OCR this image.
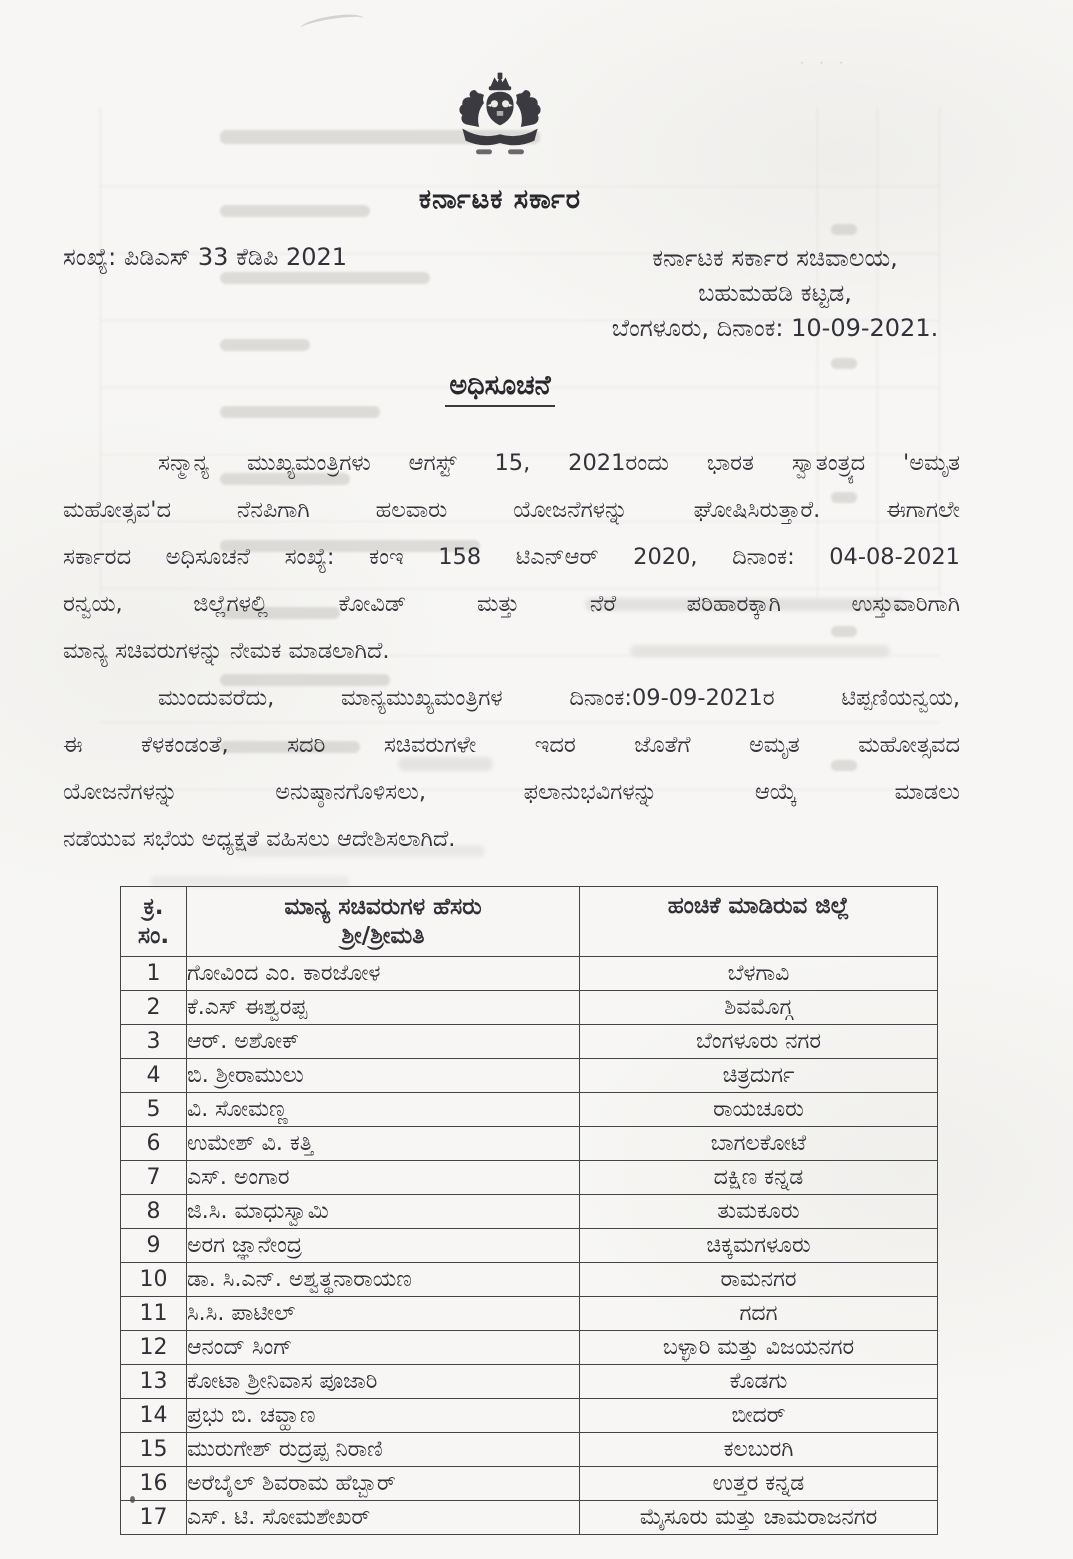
· · ·
ಕರ್ನಾಟಕ ಸರ್ಕಾರ
ಸಂಖ್ಯೆ: ಪಿಡಿಎಸ್ 33 ಕೆಡಿಪಿ 2021	ಕರ್ನಾಟಕ ಸರ್ಕಾರ ಸಚಿವಾಲಯ,
ಬಹುಮಹಡಿ ಕಟ್ಟಡ,
ಬೆಂಗಳೂರು, ದಿನಾಂಕ: 10-09-2021.
ಅಧಿಸೂಚನೆ
ಸನ್ಮಾನ್ಯ ಮುಖ್ಯಮಂತ್ರಿಗಳು ಆಗಸ್ಟ್ 15, 2021ರಂದು ಭಾರತ ಸ್ವಾತಂತ್ರ್ಯದ 'ಅಮೃತ
ಮಹೋತ್ಸವ'ದ ನೆನಪಿಗಾಗಿ ಹಲವಾರು ಯೋಜನೆಗಳನ್ನು ಘೋಷಿಸಿರುತ್ತಾರೆ. ಈಗಾಗಲೇ
ಸರ್ಕಾರದ ಅಧಿಸೂಚನೆ ಸಂಖ್ಯೆ: ಕಂಇ 158 ಟಿಎನ್ಆರ್ 2020, ದಿನಾಂಕ: 04-08-2021
ರನ್ವಯ, ಜಿಲ್ಲೆಗಳಲ್ಲಿ ಕೋವಿಡ್ ಮತ್ತು ನೆರೆ ಪರಿಹಾರಕ್ಕಾಗಿ ಉಸ್ತುವಾರಿಗಾಗಿ
ಮಾನ್ಯ ಸಚಿವರುಗಳನ್ನು ನೇಮಕ ಮಾಡಲಾಗಿದೆ.
ಮುಂದುವರೆದು, ಮಾನ್ಯಮುಖ್ಯಮಂತ್ರಿಗಳ ದಿನಾಂಕ:09-09-2021ರ ಟಿಪ್ಪಣಿಯನ್ವಯ,
ಈ ಕೆಳಕಂಡಂತೆ, ಸದರಿ ಸಚಿವರುಗಳೇ ಇದರ ಜೊತೆಗೆ ಅಮೃತ ಮಹೋತ್ಸವದ
ಯೋಜನೆಗಳನ್ನು ಅನುಷ್ಠಾನಗೊಳಿಸಲು, ಫಲಾನುಭವಿಗಳನ್ನು ಆಯ್ಕೆ ಮಾಡಲು
ನಡೆಯುವ ಸಭೆಯ ಅಧ್ಯಕ್ಷತೆ ವಹಿಸಲು ಆದೇಶಿಸಲಾಗಿದೆ.
ಕ್ರ.
ಸಂ.

ಮಾನ್ಯ ಸಚಿವರುಗಳ ಹೆಸರು
ಶ್ರೀ/ಶ್ರೀಮತಿ

ಹಂಚಿಕೆ ಮಾಡಿರುವ ಜಿಲ್ಲೆ

1	ಗೋವಿಂದ ಎಂ. ಕಾರಜೋಳ	ಬೆಳಗಾವಿ
2	ಕೆ.ಎಸ್ ಈಶ್ವರಪ್ಪ	ಶಿವಮೊಗ್ಗ
3	ಆರ್. ಅಶೋಕ್	ಬೆಂಗಳೂರು ನಗರ
4	ಬಿ. ಶ್ರೀರಾಮುಲು	ಚಿತ್ರದುರ್ಗ
5	ವಿ. ಸೋಮಣ್ಣ	ರಾಯಚೂರು
6	ಉಮೇಶ್ ವಿ. ಕತ್ತಿ	ಬಾಗಲಕೋಟೆ
7	ಎಸ್. ಅಂಗಾರ	ದಕ್ಷಿಣ ಕನ್ನಡ
8	ಜಿ.ಸಿ. ಮಾಧುಸ್ವಾಮಿ	ತುಮಕೂರು
9	ಅರಗ ಜ್ಞಾನೇಂದ್ರ	ಚಿಕ್ಕಮಗಳೂರು
10	ಡಾ. ಸಿ.ಎನ್. ಅಶ್ವತ್ಥನಾರಾಯಣ	ರಾಮನಗರ
11	ಸಿ.ಸಿ. ಪಾಟೀಲ್	ಗದಗ
12	ಆನಂದ್ ಸಿಂಗ್	ಬಳ್ಳಾರಿ ಮತ್ತು ವಿಜಯನಗರ
13	ಕೋಟಾ ಶ್ರೀನಿವಾಸ ಪೂಜಾರಿ	ಕೊಡಗು
14	ಪ್ರಭು ಬಿ. ಚವ್ಹಾಣ	ಬೀದರ್
15	ಮುರುಗೇಶ್ ರುದ್ರಪ್ಪ ನಿರಾಣಿ	ಕಲಬುರಗಿ
16	ಅರೆಬೈಲ್ ಶಿವರಾಮ ಹೆಬ್ಬಾರ್	ಉತ್ತರ ಕನ್ನಡ
17	ಎಸ್. ಟಿ. ಸೋಮಶೇಖರ್	ಮೈಸೂರು ಮತ್ತು ಚಾಮರಾಜನಗರ
